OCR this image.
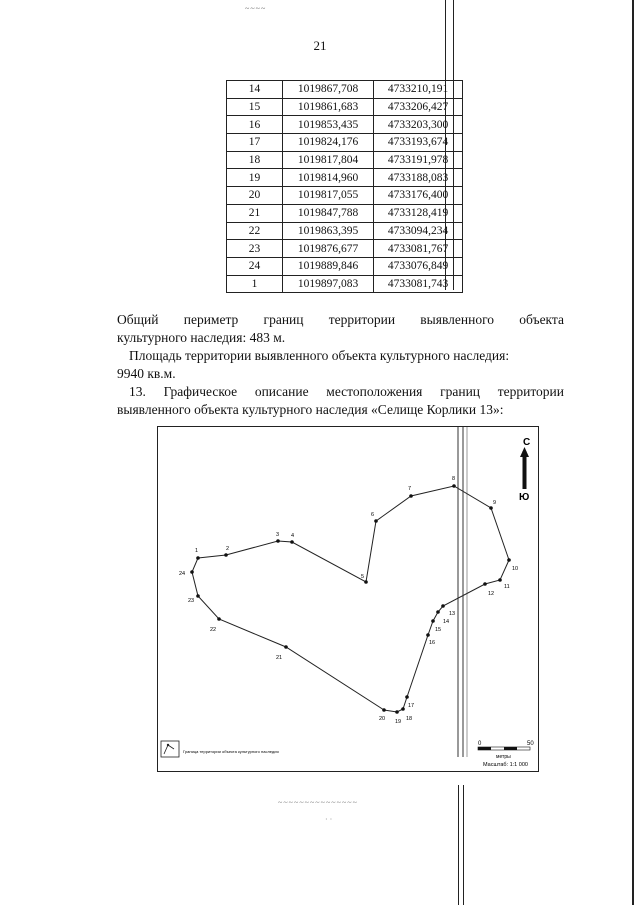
~~~~
21
14	1019867,708	4733210,191
15	1019861,683	4733206,427
16	1019853,435	4733203,300
17	1019824,176	4733193,674
18	1019817,804	4733191,978
19	1019814,960	4733188,083
20	1019817,055	4733176,400
21	1019847,788	4733128,419
22	1019863,395	4733094,234
23	1019876,677	4733081,767
24	1019889,846	4733076,849
1	1019897,083	4733081,743
Общий периметр границ территории выявленного объекта
культурного наследия: 483 м.
Площадь территории выявленного объекта культурного наследия:
9940 кв.м.
13. Графическое описание местоположения границ территории
выявленного объекта культурного наследия «Селище Корлики 13»:
1	2
3 4
5
6
7
8
9
10
11
12
13
14
15
16
17
18
19
20
21
22
23
24
С
Ю
Граница территории объекта культурного наследия
0	50
метры
Масштаб: 1:1 000
~~~~~~~~~~~~~~~
· ·
